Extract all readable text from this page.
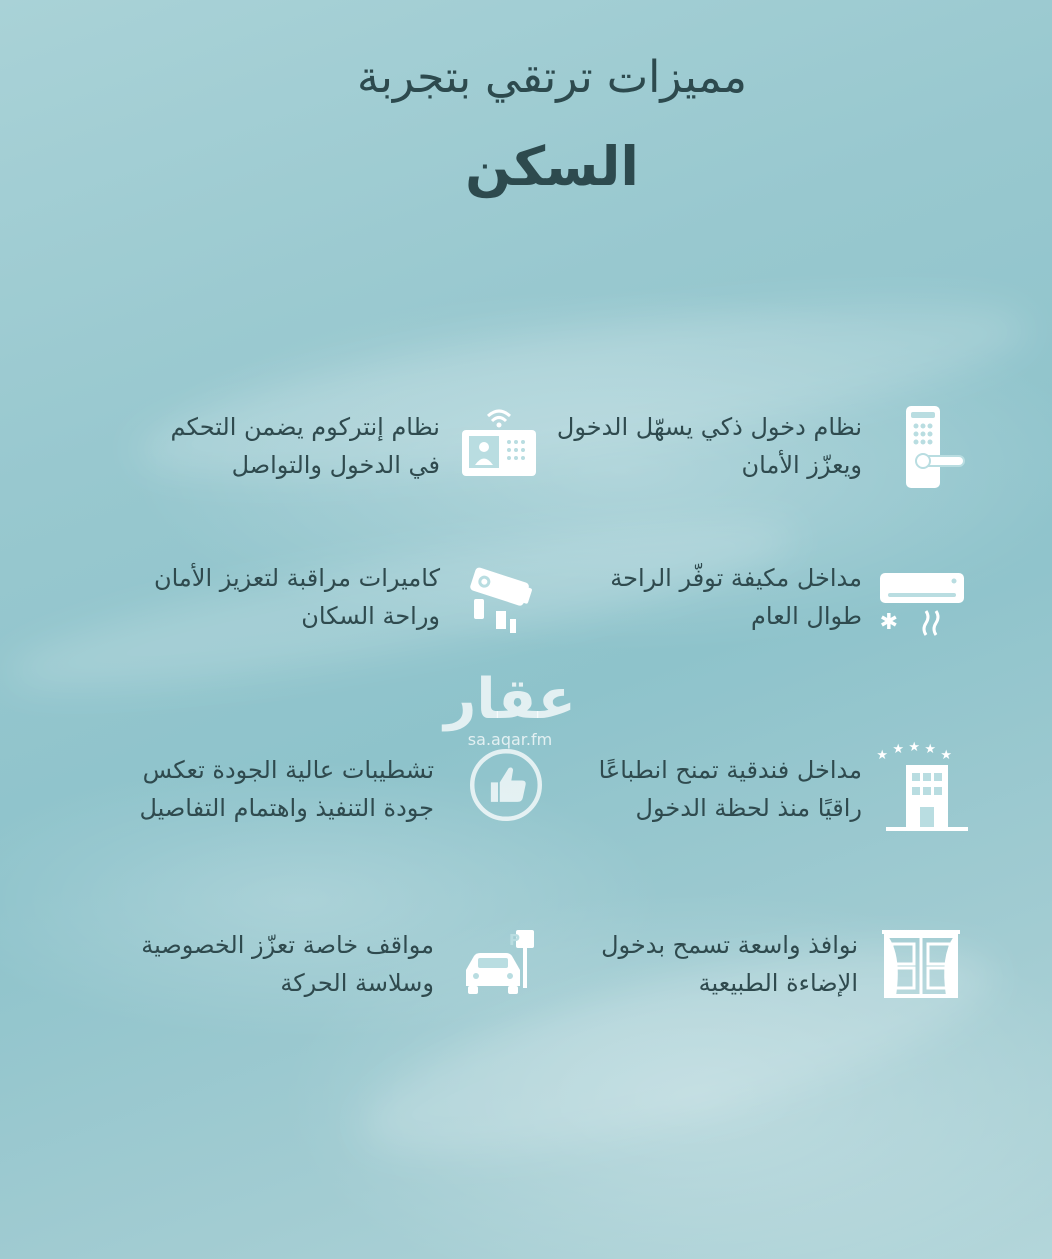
مميزات ترتقي بتجربة
السكن
نظام دخول ذكي يسهّل الدخول
ويعزّز الأمان
نظام إنتركوم يضمن التحكم
في الدخول والتواصل
✱
مداخل مكيفة توفّر الراحة
طوال العام
كاميرات مراقبة لتعزيز الأمان
وراحة السكان
★ ★ ★ ★ ★
مداخل فندقية تمنح انطباعًا
راقيًا منذ لحظة الدخول
تشطيبات عالية الجودة تعكس
جودة التنفيذ واهتمام التفاصيل
نوافذ واسعة تسمح بدخول
الإضاءة الطبيعية
P
مواقف خاصة تعزّز الخصوصية
وسلاسة الحركة
عقار
sa.aqar.fm
